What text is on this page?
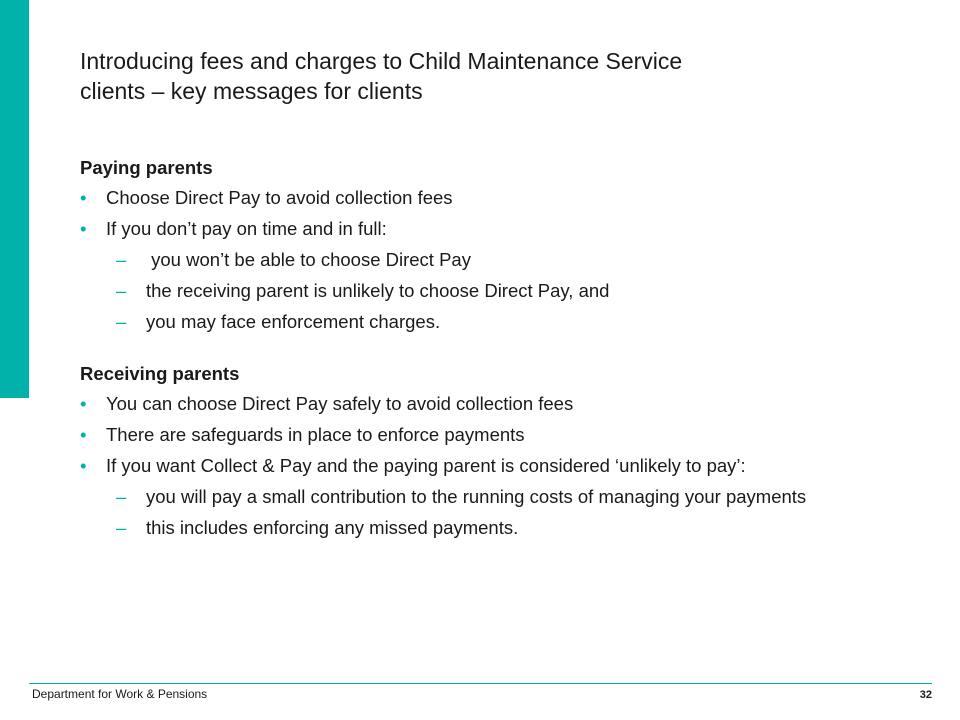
Introducing fees and charges to Child Maintenance Service
clients – key messages for clients
Paying parents
• Choose Direct Pay to avoid collection fees
• If you don’t pay on time and in full:
– you won’t be able to choose Direct Pay
– the receiving parent is unlikely to choose Direct Pay, and
– you may face enforcement charges.
Receiving parents
• You can choose Direct Pay safely to avoid collection fees
• There are safeguards in place to enforce payments
• If you want Collect & Pay and the paying parent is considered ‘unlikely to pay’:
– you will pay a small contribution to the running costs of managing your payments
– this includes enforcing any missed payments.
Department for Work & Pensions	32
